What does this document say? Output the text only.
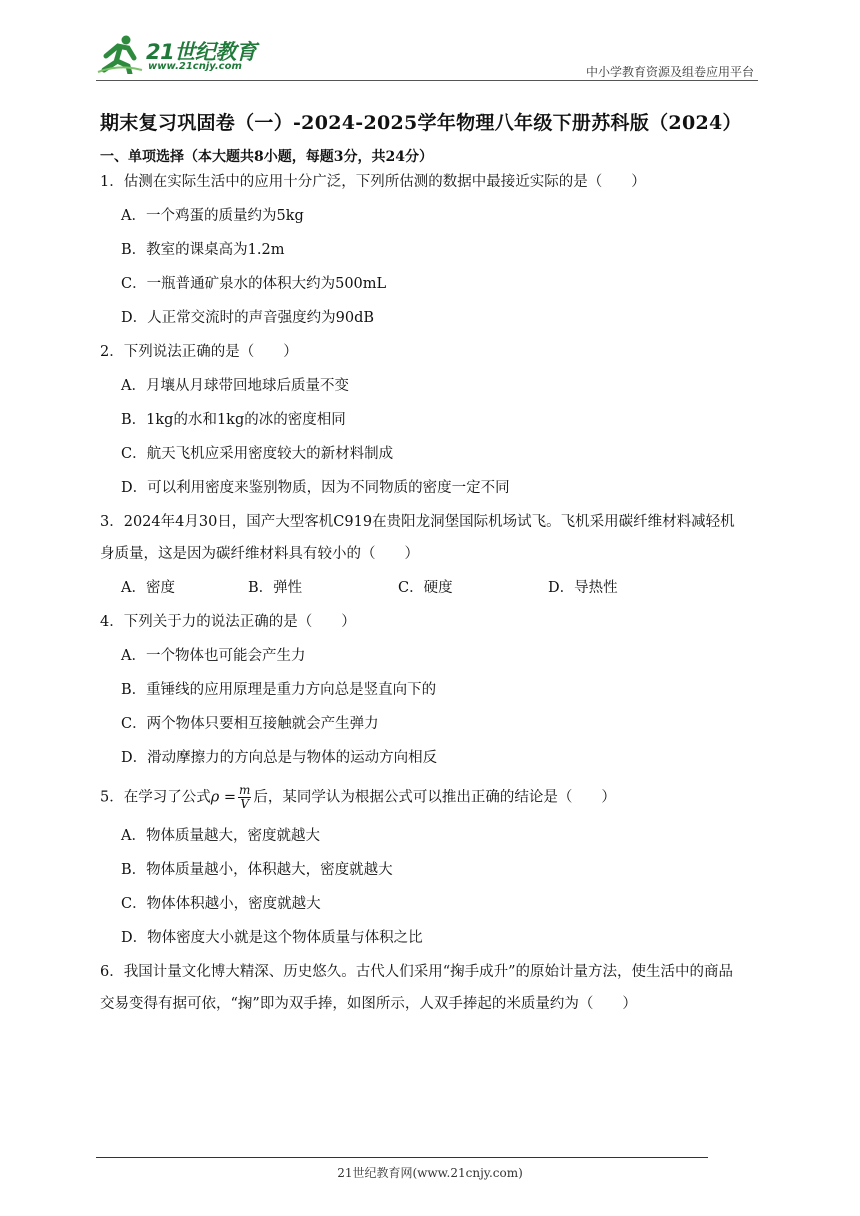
21世纪教育
www.21cnjy.com	中小学教育资源及组卷应用平台
期末复习巩固卷（一）-2024-2025学年物理八年级下册苏科版（2024）
一、单项选择（本大题共8小题，每题3分，共24分）
1．估测在实际生活中的应用十分广泛，下列所估测的数据中最接近实际的是（　　）
A．一个鸡蛋的质量约为5kg
B．教室的课桌高为1.2m
C．一瓶普通矿泉水的体积大约为500mL
D．人正常交流时的声音强度约为90dB
2．下列说法正确的是（　　）
A．月壤从月球带回地球后质量不变
B．1kg的水和1kg的冰的密度相同
C．航天飞机应采用密度较大的新材料制成
D．可以利用密度来鉴别物质，因为不同物质的密度一定不同
3．2024年4月30日，国产大型客机C919在贵阳龙洞堡国际机场试飞。飞机采用碳纤维材料减轻机
身质量，这是因为碳纤维材料具有较小的（　　）
A．密度	B．弹性	C．硬度	D．导热性
4．下列关于力的说法正确的是（　　）
A．一个物体也可能会产生力
B．重锤线的应用原理是重力方向总是竖直向下的
C．两个物体只要相互接触就会产生弹力
D．滑动摩擦力的方向总是与物体的运动方向相反
5．在学习了公式$\rho = \frac{m}{V}$ 后，某同学认为根据公式可以推出正确的结论是（　　）
A．物体质量越大，密度就越大
B．物体质量越小，体积越大，密度就越大
C．物体体积越小，密度就越大
D．物体密度大小就是这个物体质量与体积之比
6．我国计量文化博大精深、历史悠久。古代人们采用“掬手成升”的原始计量方法，使生活中的商品
交易变得有据可依，“掬”即为双手捧，如图所示，人双手捧起的米质量约为（　　）
21世纪教育网(www.21cnjy.com)
